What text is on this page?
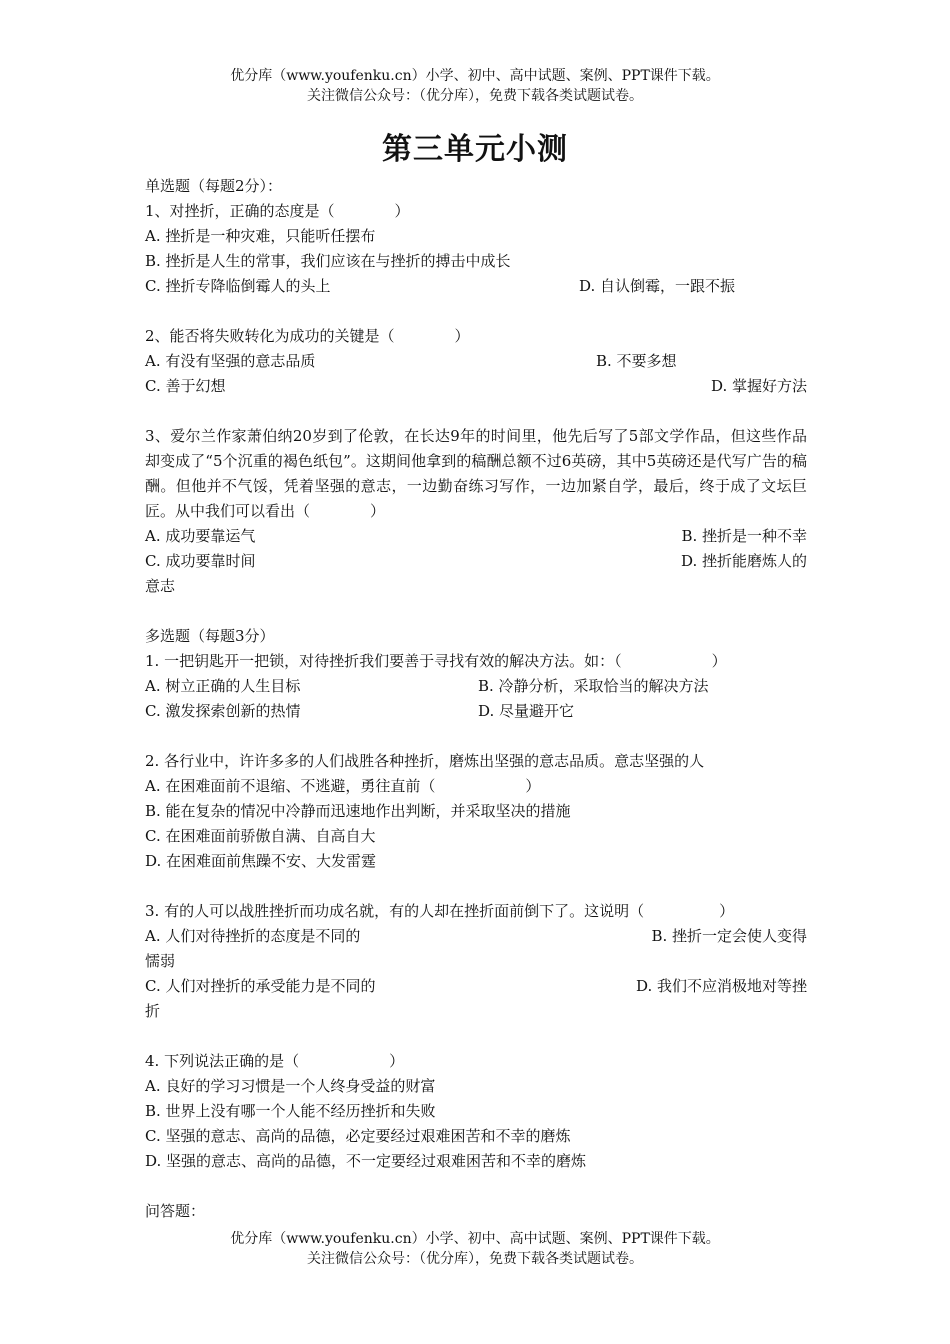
优分库（www.youfenku.cn）小学、初中、高中试题、案例、PPT课件下载。
关注微信公众号：（优分库），免费下载各类试题试卷。
第三单元小测
单选题（每题2分）：
1、对挫折，正确的态度是（　　　　）
A. 挫折是一种灾难，只能听任摆布
B. 挫折是人生的常事，我们应该在与挫折的搏击中成长
C. 挫折专降临倒霉人的头上	D. 自认倒霉，一跟不振
2、能否将失败转化为成功的关键是（　　　　）
A. 有没有坚强的意志品质	B. 不要多想
C. 善于幻想	D. 掌握好方法
3、爱尔兰作家萧伯纳20岁到了伦敦，在长达9年的时间里，他先后写了5部文学作品，但这些作品却变成了“5个沉重的褐色纸包”。这期间他拿到的稿酬总额不过6英磅，其中5英磅还是代写广告的稿酬。但他并不气馁，凭着坚强的意志，一边勤奋练习写作，一边加紧自学，最后，终于成了文坛巨匠。从中我们可以看出（　　　　）
A. 成功要靠运气	B. 挫折是一种不幸
C. 成功要靠时间	D. 挫折能磨炼人的
意志
多选题（每题3分）
1. 一把钥匙开一把锁，对待挫折我们要善于寻找有效的解决方法。如：（　　　　　　）
A. 树立正确的人生目标	B. 冷静分析，采取恰当的解决方法
C. 激发探索创新的热情	D. 尽量避开它
2. 各行业中，许许多多的人们战胜各种挫折，磨炼出坚强的意志品质。意志坚强的人
A. 在困难面前不退缩、不逃避，勇往直前（　　　　　　）
B. 能在复杂的情况中冷静而迅速地作出判断，并采取坚决的措施
C. 在困难面前骄傲自满、自高自大
D. 在困难面前焦躁不安、大发雷霆
3. 有的人可以战胜挫折而功成名就，有的人却在挫折面前倒下了。这说明（　　　　　）
A. 人们对待挫折的态度是不同的	B. 挫折一定会使人变得
懦弱
C. 人们对挫折的承受能力是不同的	D. 我们不应消极地对等挫
折
4. 下列说法正确的是（　　　　　　）
A. 良好的学习习惯是一个人终身受益的财富
B. 世界上没有哪一个人能不经历挫折和失败
C. 坚强的意志、高尚的品德，必定要经过艰难困苦和不幸的磨炼
D. 坚强的意志、高尚的品德，不一定要经过艰难困苦和不幸的磨炼
问答题：
优分库（www.youfenku.cn）小学、初中、高中试题、案例、PPT课件下载。
关注微信公众号：（优分库），免费下载各类试题试卷。
